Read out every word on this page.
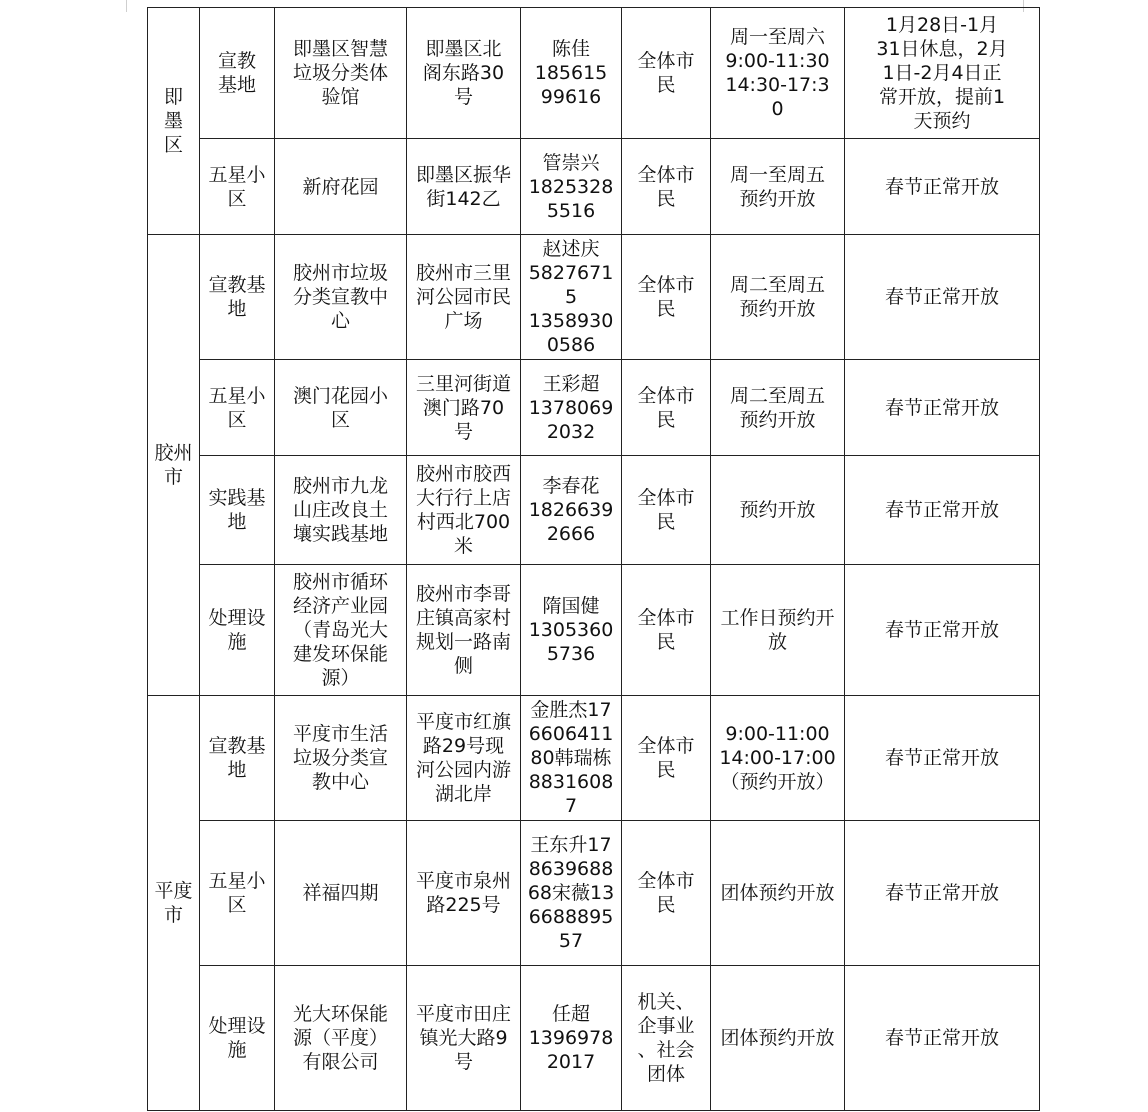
即
墨
区	宣教
基地	即墨区智慧
垃圾分类体
验馆	即墨区北
阁东路30
号	陈佳
185615
99616	全体市
民	周一至周六
9:00-11:30
14:30-17:3
0	1月28日-1月
31日休息，2月
1日-2月4日正
常开放，提前1
天预约
	五星小
区	新府花园	即墨区振华
街142乙	管崇兴
1825328
5516	全体市
民	周一至周五
预约开放	春节正常开放
胶州
市	宣教基
地	胶州市垃圾
分类宣教中
心	胶州市三里
河公园市民
广场	赵述庆
5827671
5
1358930
0586	全体市
民	周二至周五
预约开放	春节正常开放
	五星小
区	澳门花园小
区	三里河街道
澳门路70
号	王彩超
1378069
2032	全体市
民	周二至周五
预约开放	春节正常开放
	实践基
地	胶州市九龙
山庄改良土
壤实践基地	胶州市胶西
大行行上店
村西北700
米	李春花
1826639
2666	全体市
民	预约开放	春节正常开放
	处理设
施	胶州市循环
经济产业园
（青岛光大
建发环保能
源）	胶州市李哥
庄镇高家村
规划一路南
侧	隋国健
1305360
5736	全体市
民	工作日预约开
放	春节正常开放
平度
市	宣教基
地	平度市生活
垃圾分类宣
教中心	平度市红旗
路29号现
河公园内游
湖北岸	金胜杰17
6606411
80韩瑞栋
8831608
7	全体市
民	9:00-11:00
14:00-17:00
（预约开放）	春节正常开放
	五星小
区	祥福四期	平度市泉州
路225号	王东升17
8639688
68宋薇13
6688895
57	全体市
民	团体预约开放	春节正常开放
	处理设
施	光大环保能
源（平度）
有限公司	平度市田庄
镇光大路9
号	任超
1396978
2017	机关、
企事业
、社会
团体	团体预约开放	春节正常开放
